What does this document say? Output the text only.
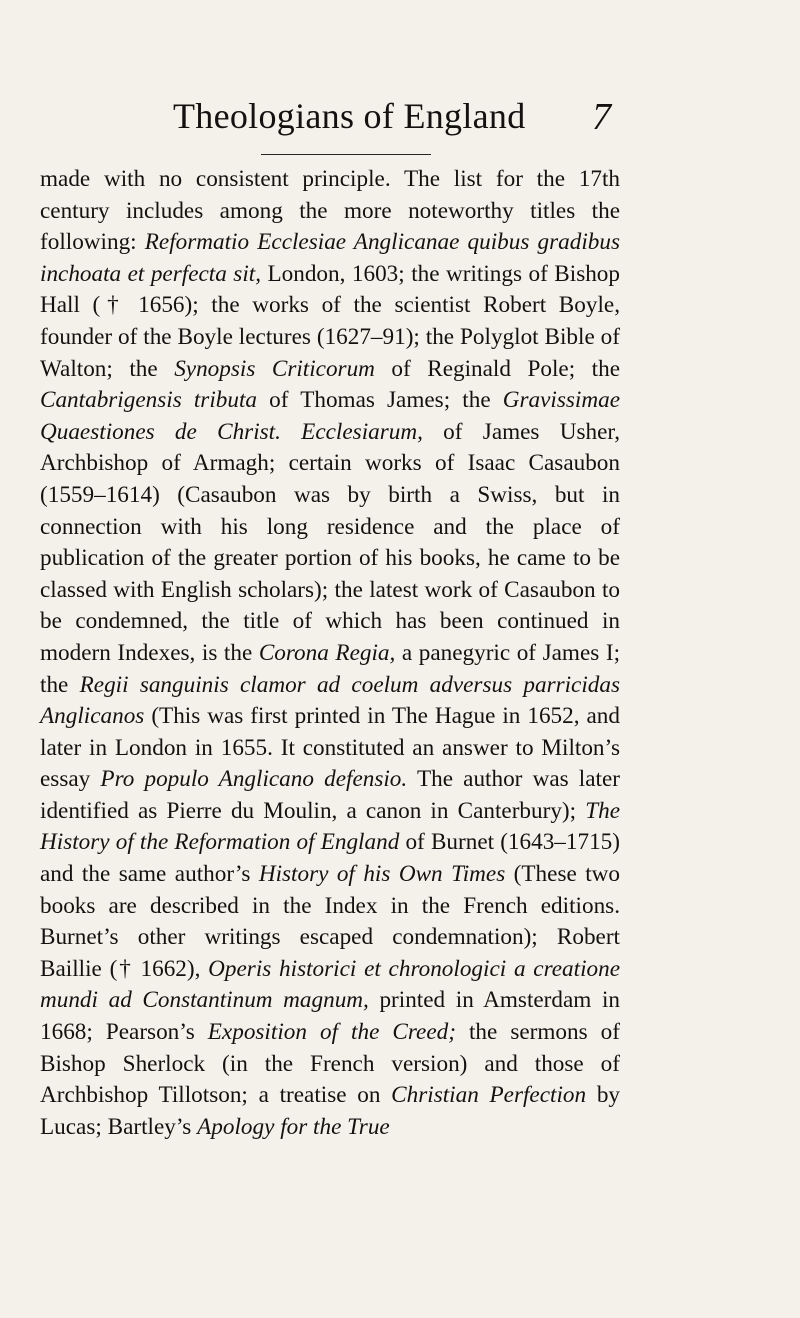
Theologians of England 7

made with no consistent principle. The list for the 17th century includes among the more noteworthy titles the following: Reformatio Ecclesiae Anglicanae quibus gradibus inchoata et perfecta sit, London, 1603; the writings of Bishop Hall († 1656); the works of the scientist Robert Boyle, founder of the Boyle lectures (1627–91); the Polyglot Bible of Walton; the Synopsis Criticorum of Reginald Pole; the Cantabrigensis tributa of Thomas James; the Gravissimae Quaestiones de Christ. Ecclesiarum, of James Usher, Archbishop of Armagh; certain works of Isaac Casaubon (1559–1614) (Casaubon was by birth a Swiss, but in connection with his long residence and the place of publication of the greater portion of his books, he came to be classed with English scholars); the latest work of Casaubon to be condemned, the title of which has been continued in modern Indexes, is the Corona Regia, a panegyric of James I; the Regii sanguinis clamor ad coelum adversus parricidas Anglicanos (This was first printed in The Hague in 1652, and later in London in 1655. It constituted an answer to Milton’s essay Pro populo Anglicano defensio. The author was later identified as Pierre du Moulin, a canon in Canterbury); The History of the Reformation of England of Burnet (1643–1715) and the same author’s History of his Own Times (These two books are described in the Index in the French editions. Burnet’s other writings escaped condemnation); Robert Baillie († 1662), Operis historici et chronologici a creatione mundi ad Constantinum magnum, printed in Amsterdam in 1668; Pearson’s Exposition of the Creed; the sermons of Bishop Sherlock (in the French version) and those of Archbishop Tillotson; a treatise on Christian Perfection by Lucas; Bartley’s Apology for the True
